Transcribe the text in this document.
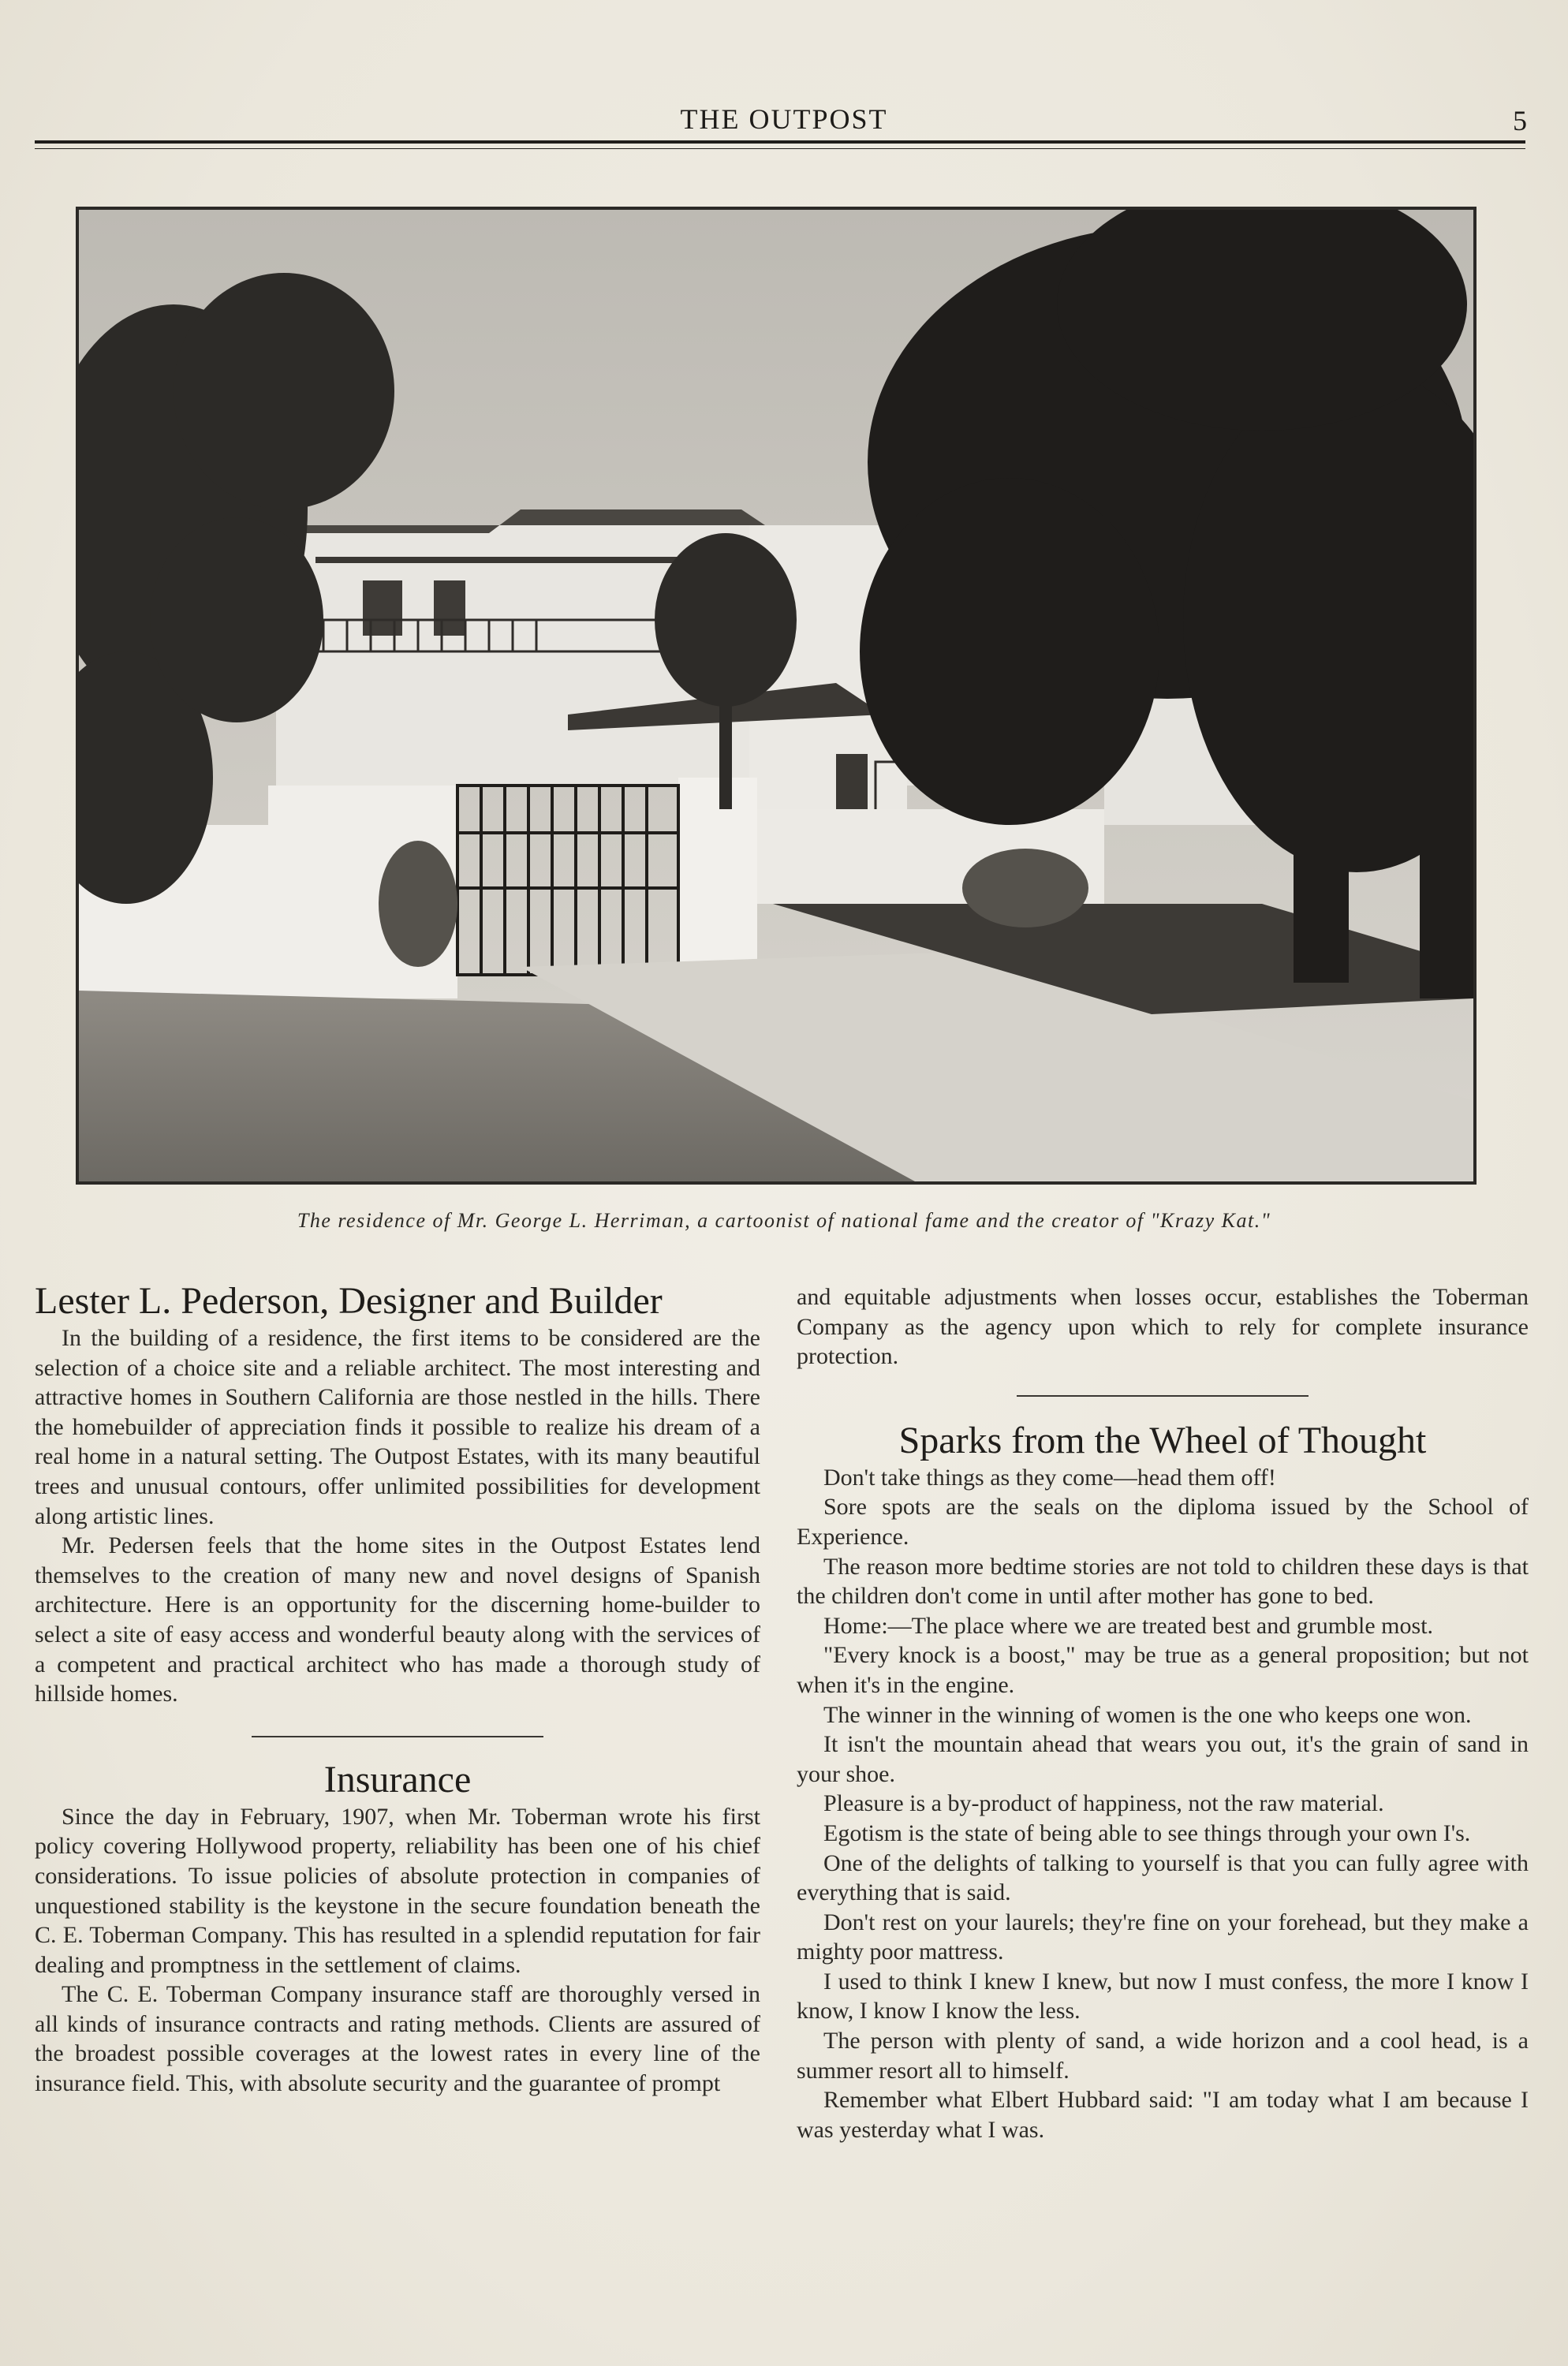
THE OUTPOST	5
The residence of Mr. George L. Herriman, a cartoonist of national fame and the creator of "Krazy Kat."
Lester L. Pederson, Designer and Builder

In the building of a residence, the first items to be considered are the selection of a choice site and a reliable architect. The most interesting and attractive homes in Southern California are those nestled in the hills. There the homebuilder of appreciation finds it possible to realize his dream of a real home in a natural setting. The Outpost Estates, with its many beautiful trees and unusual contours, offer unlimited possibilities for development along artistic lines.

Mr. Pedersen feels that the home sites in the Outpost Estates lend themselves to the creation of many new and novel designs of Spanish architecture. Here is an opportunity for the discerning home-builder to select a site of easy access and wonderful beauty along with the services of a competent and practical architect who has made a thorough study of hillside homes.

Insurance

Since the day in February, 1907, when Mr. Toberman wrote his first policy covering Hollywood property, reliability has been one of his chief considerations. To issue policies of absolute protection in companies of unquestioned stability is the keystone in the secure foundation beneath the C. E. Toberman Company. This has resulted in a splendid reputation for fair dealing and promptness in the settlement of claims.

The C. E. Toberman Company insurance staff are thoroughly versed in all kinds of insurance contracts and rating methods. Clients are assured of the broadest possible coverages at the lowest rates in every line of the insurance field. This, with absolute security and the guarantee of prompt

and equitable adjustments when losses occur, establishes the Toberman Company as the agency upon which to rely for complete insurance protection.

Sparks from the Wheel of Thought

Don't take things as they come—head them off!

Sore spots are the seals on the diploma issued by the School of Experience.

The reason more bedtime stories are not told to children these days is that the children don't come in until after mother has gone to bed.

Home:—The place where we are treated best and grumble most.

"Every knock is a boost," may be true as a general proposition; but not when it's in the engine.

The winner in the winning of women is the one who keeps one won.

It isn't the mountain ahead that wears you out, it's the grain of sand in your shoe.

Pleasure is a by-product of happiness, not the raw material.

Egotism is the state of being able to see things through your own I's.

One of the delights of talking to yourself is that you can fully agree with everything that is said.

Don't rest on your laurels; they're fine on your forehead, but they make a mighty poor mattress.

I used to think I knew I knew, but now I must confess, the more I know I know, I know I know the less.

The person with plenty of sand, a wide horizon and a cool head, is a summer resort all to himself.

Remember what Elbert Hubbard said: "I am today what I am because I was yesterday what I was.
